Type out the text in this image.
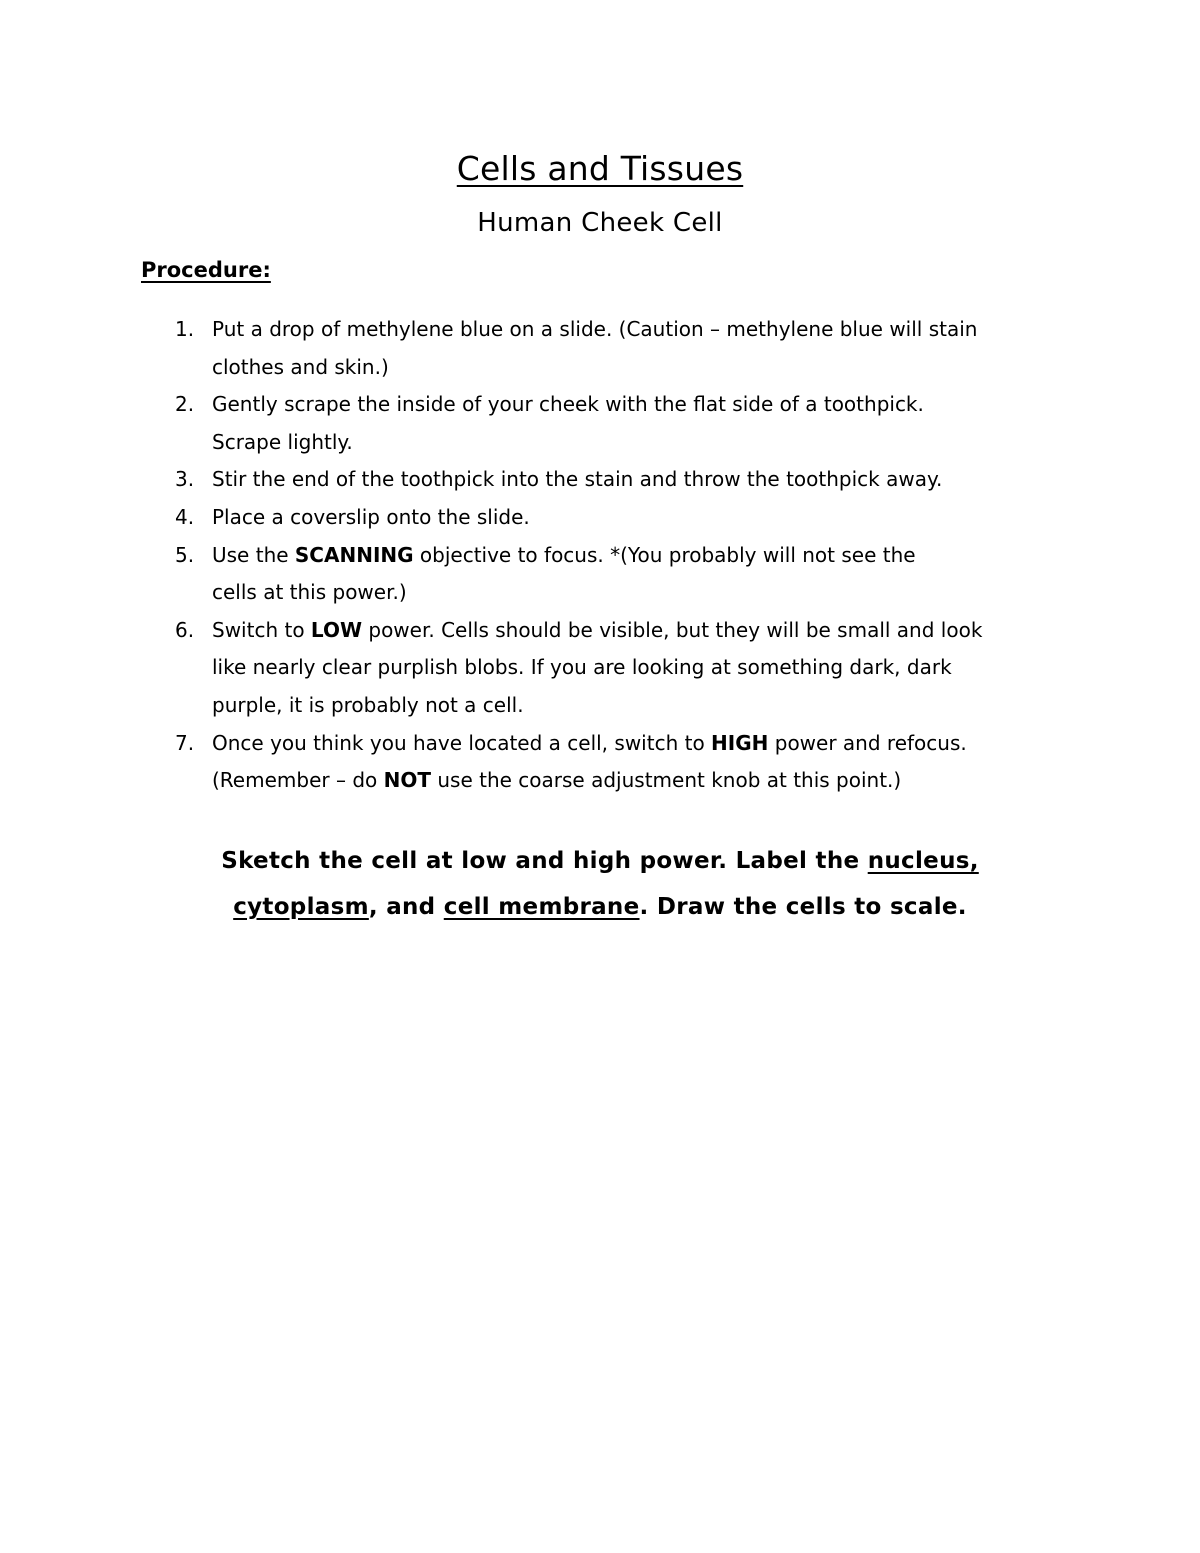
Cells and Tissues
Human Cheek Cell
Procedure:
1. Put a drop of methylene blue on a slide. (Caution – methylene blue will stain
clothes and skin.)
2. Gently scrape the inside of your cheek with the flat side of a toothpick.
Scrape lightly.
3. Stir the end of the toothpick into the stain and throw the toothpick away.
4. Place a coverslip onto the slide.
5. Use the SCANNING objective to focus. *(You probably will not see the
cells at this power.)
6. Switch to LOW power. Cells should be visible, but they will be small and look
like nearly clear purplish blobs. If you are looking at something dark, dark
purple, it is probably not a cell.
7. Once you think you have located a cell, switch to HIGH power and refocus.
(Remember – do NOT use the coarse adjustment knob at this point.)
Sketch the cell at low and high power. Label the nucleus,
cytoplasm, and cell membrane. Draw the cells to scale.
